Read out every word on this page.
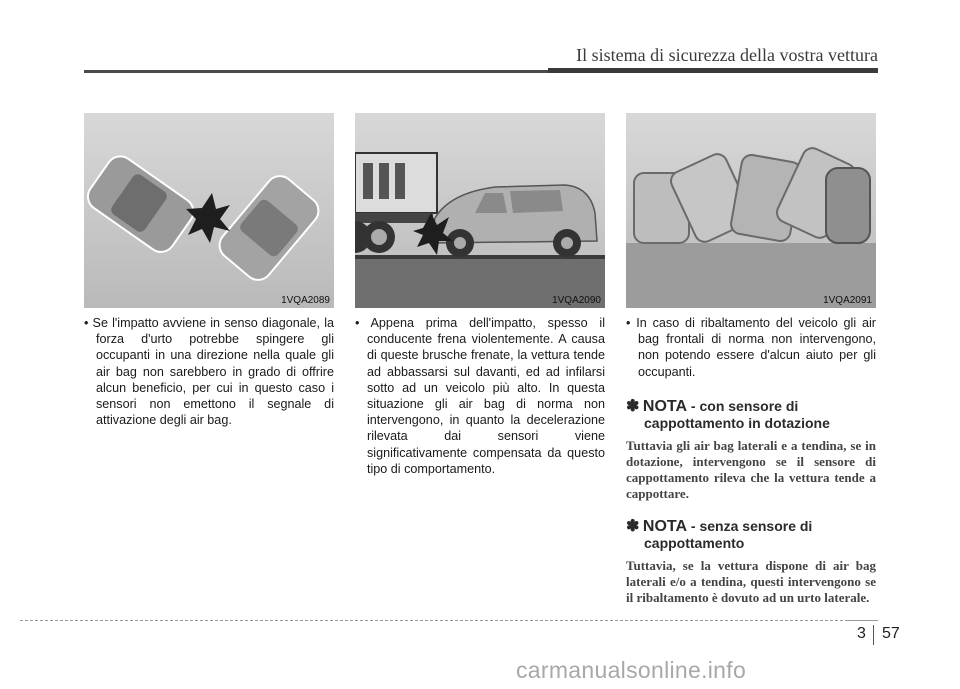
Il sistema di sicurezza della vostra vettura
1VQA2089	1VQA2090	1VQA2091
• Se l'impatto avviene in senso diagonale, la forza d'urto potrebbe spingere gli occupanti in una direzione nella quale gli air bag non sarebbero in grado di offrire alcun beneficio, per cui in questo caso i sensori non emettono il segnale di attivazione degli air bag.
• Appena prima dell'impatto, spesso il conducente frena violentemente. A causa di queste brusche frenate, la vettura tende ad abbassarsi sul davanti, ed ad infilarsi sotto ad un veicolo più alto. In questa situazione gli air bag di norma non intervengono, in quanto la decelerazione rilevata dai sensori viene significativamente compensata da questo tipo di comportamento.
• In caso di ribaltamento del veicolo gli air bag frontali di norma non intervengono, non potendo essere d'alcun aiuto per gli occupanti.
✽ NOTA - con sensore di
cappottamento in dotazione
Tuttavia gli air bag laterali e a tendina, se in dotazione, intervengono se il sensore di cappottamento rileva che la vettura tende a cappottare.
✽ NOTA - senza sensore di
cappottamento
Tuttavia, se la vettura dispone di air bag laterali e/o a tendina, questi intervengono se il ribaltamento è dovuto ad un urto laterale.
3 57
carmanualsonline.info
